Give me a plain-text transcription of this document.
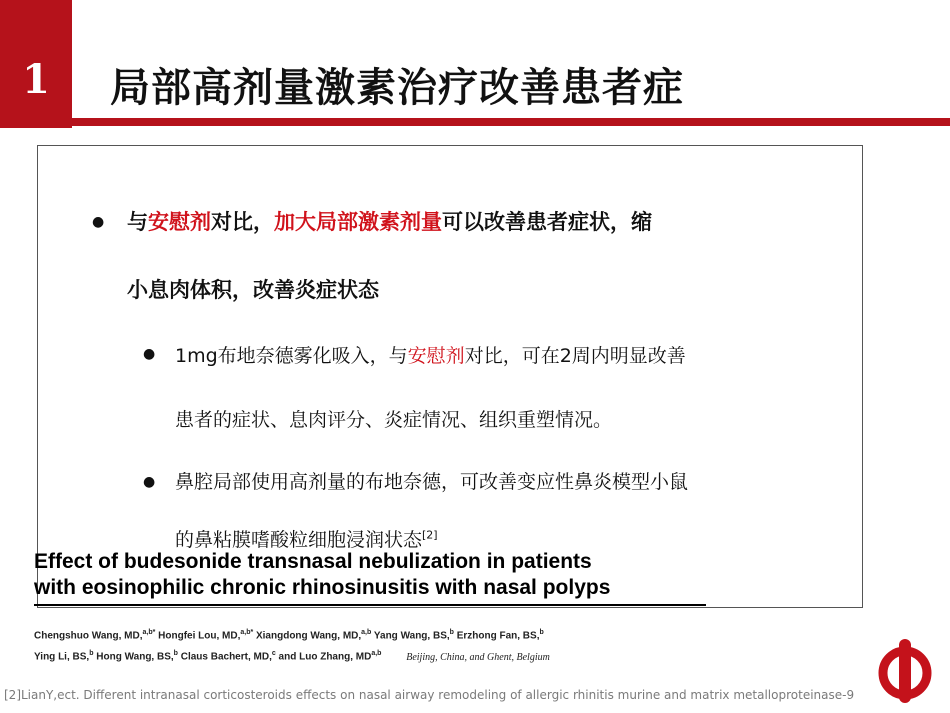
1	局部高剂量激素治疗改善患者症
● 与安慰剂对比，加大局部激素剂量可以改善患者症状，缩
小息肉体积，改善炎症状态
● 1mg布地奈德雾化吸入，与安慰剂对比，可在2周内明显改善
患者的症状、息肉评分、炎症情况、组织重塑情况。
● 鼻腔局部使用高剂量的布地奈德，可改善变应性鼻炎模型小鼠
的鼻粘膜嗜酸粒细胞浸润状态[2]
Effect of budesonide transnasal nebulization in patients
with eosinophilic chronic rhinosinusitis with nasal polyps
Chengshuo Wang, MD,$^{a,b*}$ Hongfei Lou, MD,$^{a,b*}$ Xiangdong Wang, MD,$^{a,b}$ Yang Wang, BS,$^b$ Erzhong Fan, BS,$^b$
Ying Li, BS,$^b$ Hong Wang, BS,$^b$ Claus Bachert, MD,$^c$ and Luo Zhang, MD$^{a,b}$ Beijing, China, and Ghent, Belgium
[2]LianY,ect. Different intranasal corticosteroids effects on nasal airway remodeling of allergic rhinitis murine and matrix metalloproteinase-9
